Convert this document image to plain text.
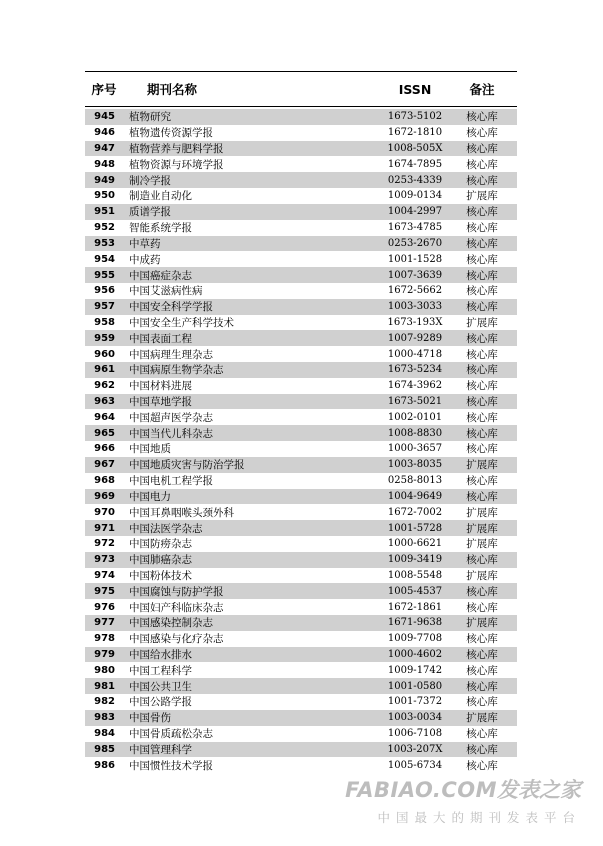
序号	期刊名称	ISSN	备注
945	植物研究	1673-5102	核心库
946	植物遗传资源学报	1672-1810	核心库
947	植物营养与肥料学报	1008-505X	核心库
948	植物资源与环境学报	1674-7895	核心库
949	制冷学报	0253-4339	核心库
950	制造业自动化	1009-0134	扩展库
951	质谱学报	1004-2997	核心库
952	智能系统学报	1673-4785	核心库
953	中草药	0253-2670	核心库
954	中成药	1001-1528	核心库
955	中国癌症杂志	1007-3639	核心库
956	中国艾滋病性病	1672-5662	核心库
957	中国安全科学学报	1003-3033	核心库
958	中国安全生产科学技术	1673-193X	扩展库
959	中国表面工程	1007-9289	核心库
960	中国病理生理杂志	1000-4718	核心库
961	中国病原生物学杂志	1673-5234	核心库
962	中国材料进展	1674-3962	核心库
963	中国草地学报	1673-5021	核心库
964	中国超声医学杂志	1002-0101	核心库
965	中国当代儿科杂志	1008-8830	核心库
966	中国地质	1000-3657	核心库
967	中国地质灾害与防治学报	1003-8035	扩展库
968	中国电机工程学报	0258-8013	核心库
969	中国电力	1004-9649	核心库
970	中国耳鼻咽喉头颈外科	1672-7002	扩展库
971	中国法医学杂志	1001-5728	扩展库
972	中国防痨杂志	1000-6621	扩展库
973	中国肺癌杂志	1009-3419	核心库
974	中国粉体技术	1008-5548	扩展库
975	中国腐蚀与防护学报	1005-4537	核心库
976	中国妇产科临床杂志	1672-1861	核心库
977	中国感染控制杂志	1671-9638	扩展库
978	中国感染与化疗杂志	1009-7708	核心库
979	中国给水排水	1000-4602	核心库
980	中国工程科学	1009-1742	核心库
981	中国公共卫生	1001-0580	核心库
982	中国公路学报	1001-7372	核心库
983	中国骨伤	1003-0034	扩展库
984	中国骨质疏松杂志	1006-7108	核心库
985	中国管理科学	1003-207X	核心库
986	中国惯性技术学报	1005-6734	核心库
FABIAO.COM发表之家
中国最大的期刊发表平台
